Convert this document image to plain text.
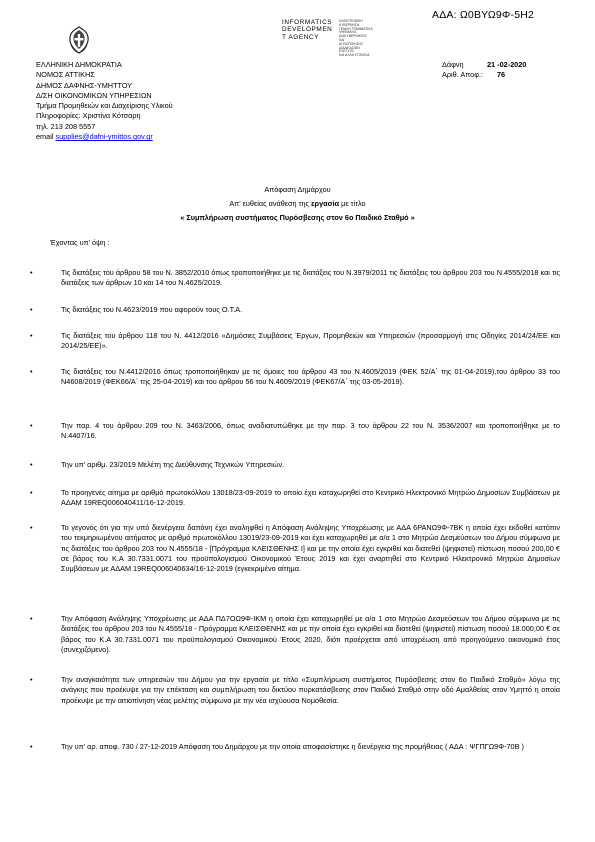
ΑΔΑ: Ω0ΒΥΩ9Φ-5Η2
INFORMATICS
DEVELOPMEN
T AGENCY
ΗΛΕΚΤΡΟΝΙΚΗ
ΚΥΒΕΡΝΗΣΗ
ΓΕΝΙΚΗ ΓΡΑΜΜΑΤΕΙΑ
ΨΗΦΙΑΚΗΣ
ΔΙΑΚΥΒΕΡΝΗΣΗΣ
ΚΑΙ
ΑΠΛΟΠΟΙΗΣΗΣ
ΔΙΑΔΙΚΑΣΙΩΝ
ΕΛΕΓΧΟΣ
ΚΑΙ ΑΛΛΑ ΣΤΟΙΧΕΙΑ
ΕΛΛΗΝΙΚΗ ΔΗΜΟΚΡΑΤΙΑ
ΝΟΜΟΣ ΑΤΤΙΚΗΣ
ΔΗΜΟΣ ΔΑΦΝΗΣ-ΥΜΗΤΤΟΥ
Δ/ΣΗ ΟΙΚΟΝΟΜΙΚΩΝ ΥΠΗΡΕΣΙΩΝ
Τμήμα Προμηθειών και Διαχείρισης Υλικού
Πληροφορίες: Χριστίνα Κότσαρη
τηλ. 213 208 5557
email supplies@dafni-ymittos.gov.gr
Δάφνη	21 -02-2020
Αριθ. Αποφ.:	76
Απόφαση Δημάρχου
Απ' ευθείας ανάθεση της εργασία με τίτλο
« Συμπλήρωση συστήματος Πυρόσβεσης στον 6ο Παιδικό Σταθμό »
Έχοντας υπ' όψη :
•	Τις διατάξεις του άρθρου 58 του Ν. 3852/2010 όπως τροποποιήθηκε με τις διατάξεις του Ν.3979/2011 τις διατάξεις του άρθρου 203 του Ν.4555/2018 και τις διατάξεις των άρθρων 10 και 14 του Ν.4625/2019.
•	Τις διατάξεις του Ν.4623/2019 που αφορούν τους Ο.Τ.Α.
•	Τις διατάξεις του άρθρου 118 του Ν. 4412/2016 «Δημόσιες Συμβάσεις Έργων, Προμηθειών και Υπηρεσιών (προσαρμογή στις Οδηγίες 2014/24/ΕΕ και 2014/25/ΕΕ)».
•	Τις διατάξεις του Ν.4412/2016 όπως τροποποιήθηκαν με τις όμοιες του άρθρου 43 του Ν.4605/2019 (ΦΕΚ 52/Α΄ της 01-04-2019),του άρθρου 33 του Ν4608/2019 (ΦΕΚ66/Α΄ της 25-04-2019) και του άρθρου 56 του Ν.4609/2019 (ΦΕΚ67/Α΄ της 03-05-2019).
•	Την παρ. 4 του άρθρου 209 του Ν. 3463/2006, όπως αναδιατυπώθηκε με την παρ. 3 του άρθρου 22 του Ν. 3536/2007 και τροποποιήθηκε με το Ν.4407/16.
•	Την υπ' αριθμ. 23/2019 Μελέτη της Διεύθυνσης Τεχνικών Υπηρεσιών.
•	Το προηγενές αίτημα με αριθμό πρωτοκόλλου 13018/23-09-2019 το οποίο έχει καταχωρηθεί στο Κεντρικό Ηλεκτρονικό Μητρώο Δημοσίων Συμβάσεων με ΑΔΑΜ 19REQ006040411/16-12-2019.
•	Το γεγονός ότι για την υπό διενέργεια δαπάνη έχει αναληφθεί η Απόφαση Ανάληψης Υποχρέωσης με ΑΔΑ 6ΡΑΝΩ9Φ-7ΒΚ η οποία έχει εκδοθεί κατόπιν του τεκμηριωμένου αιτήματος με αριθμό πρωτοκόλλου 13019/23-09-2019 και έχει καταχωρηθεί με α/α 1 στο Μητρώο Δεσμεύσεων του Δήμου σύμφωνα με τις διατάξεις του άρθρου 203 του Ν.4555/18 - [Πρόγραμμα ΚΛΕΙΣΘΕΝΗΣ Ι] και με την οποία έχει εγκριθεί και διατεθεί (ψηφιστεί) πίστωση ποσού 200,00 € σε βάρος του Κ.Α 30.7331.0071 του προϋπολογισμού Οικονομικού Έτους 2019 και έχει αναρτηθεί στο Κεντρικό Ηλεκτρονικό Μητρώο Δημοσίων Συμβάσεων με ΑΔΑΜ 19REQ006040634/16-12-2019 (εγκεκριμένο αίτημα.
•	Την Απόφαση Ανάληψης Υποχρέωσης με ΑΔΑ ΠΔ7ΟΩ9Φ-ΙΚΜ η οποία έχει καταχωρηθεί με α/α 1 στο Μητρώο Δεσμεύσεων του Δήμου σύμφωνα με τις διατάξεις του άρθρου 203 του Ν.4555/18 - Πρόγραμμα ΚΛΕΙΣΘΕΝΗΣ και με την οποία έχει εγκριθεί και διατεθεί (ψηφιστεί) πίστωση ποσού 18.000,00 € σε βάρος του Κ.Α 30.7331.0071 του προϋπολογισμού Οικονομικού Έτους 2020, διότι προέρχεται από υποχρέωση από προηγούμενο οικονομικό έτος (συνεχιζόμενο).
•	Την αναγκαιότητα των υπηρεσιών του Δήμου για την εργασία με τίτλο «Συμπλήρωση συστήματος Πυρόσβεσης στον 6ο Παιδικό Σταθμό» λόγω της ανάγκης που προέκυψε για την επέκταση και συμπλήρωση του δικτύου πυρκατάσβεσης στον Παιδικό Σταθμό στην οδό Αμαλθείας στον Υμηττό η οποία προέκυψε με την αιτιοπίνηση νέας μελέτης σύμφωνα με την νέα ισχύουσα Νομοθεσία.
•	Την υπ' αρ. αποφ. 730 / 27-12-2019 Απόφαση του Δημάρχου με την οποία αποφασίστηκε η διενέργεια της προμήθειας ( ΑΔΑ : ΨΓΠΓΩ9Φ-70Β )
